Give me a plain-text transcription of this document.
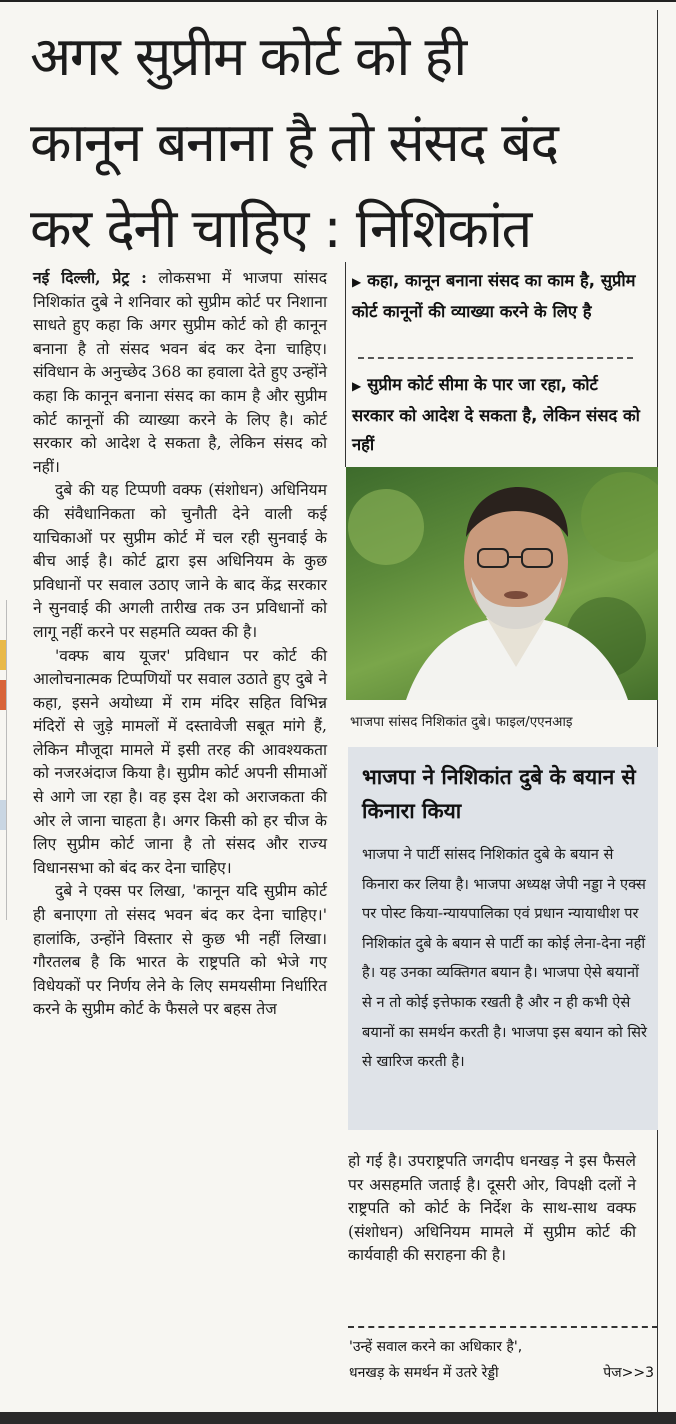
अगर सुप्रीम कोर्ट को ही
कानून बनाना है तो संसद बंद
कर देनी चाहिए : निशिकांत

नई दिल्ली, प्रेट्र : लोकसभा में भाजपा सांसद निशिकांत दुबे ने शनिवार को सुप्रीम कोर्ट पर निशाना साधते हुए कहा कि अगर सुप्रीम कोर्ट को ही कानून बनाना है तो संसद भवन बंद कर देना चाहिए। संविधान के अनुच्छेद 368 का हवाला देते हुए उन्होंने कहा कि कानून बनाना संसद का काम है और सुप्रीम कोर्ट कानूनों की व्याख्या करने के लिए है। कोर्ट सरकार को आदेश दे सकता है, लेकिन संसद को नहीं।

दुबे की यह टिप्पणी वक्फ (संशोधन) अधिनियम की संवैधानिकता को चुनौती देने वाली कई याचिकाओं पर सुप्रीम कोर्ट में चल रही सुनवाई के बीच आई है। कोर्ट द्वारा इस अधिनियम के कुछ प्रविधानों पर सवाल उठाए जाने के बाद केंद्र सरकार ने सुनवाई की अगली तारीख तक उन प्रविधानों को लागू नहीं करने पर सहमति व्यक्त की है।

'वक्फ बाय यूजर' प्रविधान पर कोर्ट की आलोचनात्मक टिप्पणियों पर सवाल उठाते हुए दुबे ने कहा, इसने अयोध्या में राम मंदिर सहित विभिन्न मंदिरों से जुड़े मामलों में दस्तावेजी सबूत मांगे हैं, लेकिन मौजूदा मामले में इसी तरह की आवश्यकता को नजरअंदाज किया है। सुप्रीम कोर्ट अपनी सीमाओं से आगे जा रहा है। वह इस देश को अराजकता की ओर ले जाना चाहता है। अगर किसी को हर चीज के लिए सुप्रीम कोर्ट जाना है तो संसद और राज्य विधानसभा को बंद कर देना चाहिए।

दुबे ने एक्स पर लिखा, 'कानून यदि सुप्रीम कोर्ट ही बनाएगा तो संसद भवन बंद कर देना चाहिए।' हालांकि, उन्होंने विस्तार से कुछ भी नहीं लिखा। गौरतलब है कि भारत के राष्ट्रपति को भेजे गए विधेयकों पर निर्णय लेने के लिए समयसीमा निर्धारित करने के सुप्रीम कोर्ट के फैसले पर बहस तेज

▶ कहा, कानून बनाना संसद का काम है, सुप्रीम कोर्ट कानूनों की व्याख्या करने के लिए है
▶ सुप्रीम कोर्ट सीमा के पार जा रहा, कोर्ट सरकार को आदेश दे सकता है, लेकिन संसद को नहीं
भाजपा सांसद निशिकांत दुबे। फाइल/एएनआइ
भाजपा ने निशिकांत दुबे के बयान से किनारा किया
भाजपा ने पार्टी सांसद निशिकांत दुबे के बयान से किनारा कर लिया है। भाजपा अध्यक्ष जेपी नड्डा ने एक्स पर पोस्ट किया-न्यायपालिका एवं प्रधान न्यायाधीश पर निशिकांत दुबे के बयान से पार्टी का कोई लेना-देना नहीं है। यह उनका व्यक्तिगत बयान है। भाजपा ऐसे बयानों से न तो कोई इत्तेफाक रखती है और न ही कभी ऐसे बयानों का समर्थन करती है। भाजपा इस बयान को सिरे से खारिज करती है।

हो गई है। उपराष्ट्रपति जगदीप धनखड़ ने इस फैसले पर असहमति जताई है। दूसरी ओर, विपक्षी दलों ने राष्ट्रपति को कोर्ट के निर्देश के साथ-साथ वक्फ (संशोधन) अधिनियम मामले में सुप्रीम कोर्ट की कार्यवाही की सराहना की है।

'उन्हें सवाल करने का अधिकार है',
धनखड़ के समर्थन में उतरे रेड्डी	पेज>>3
